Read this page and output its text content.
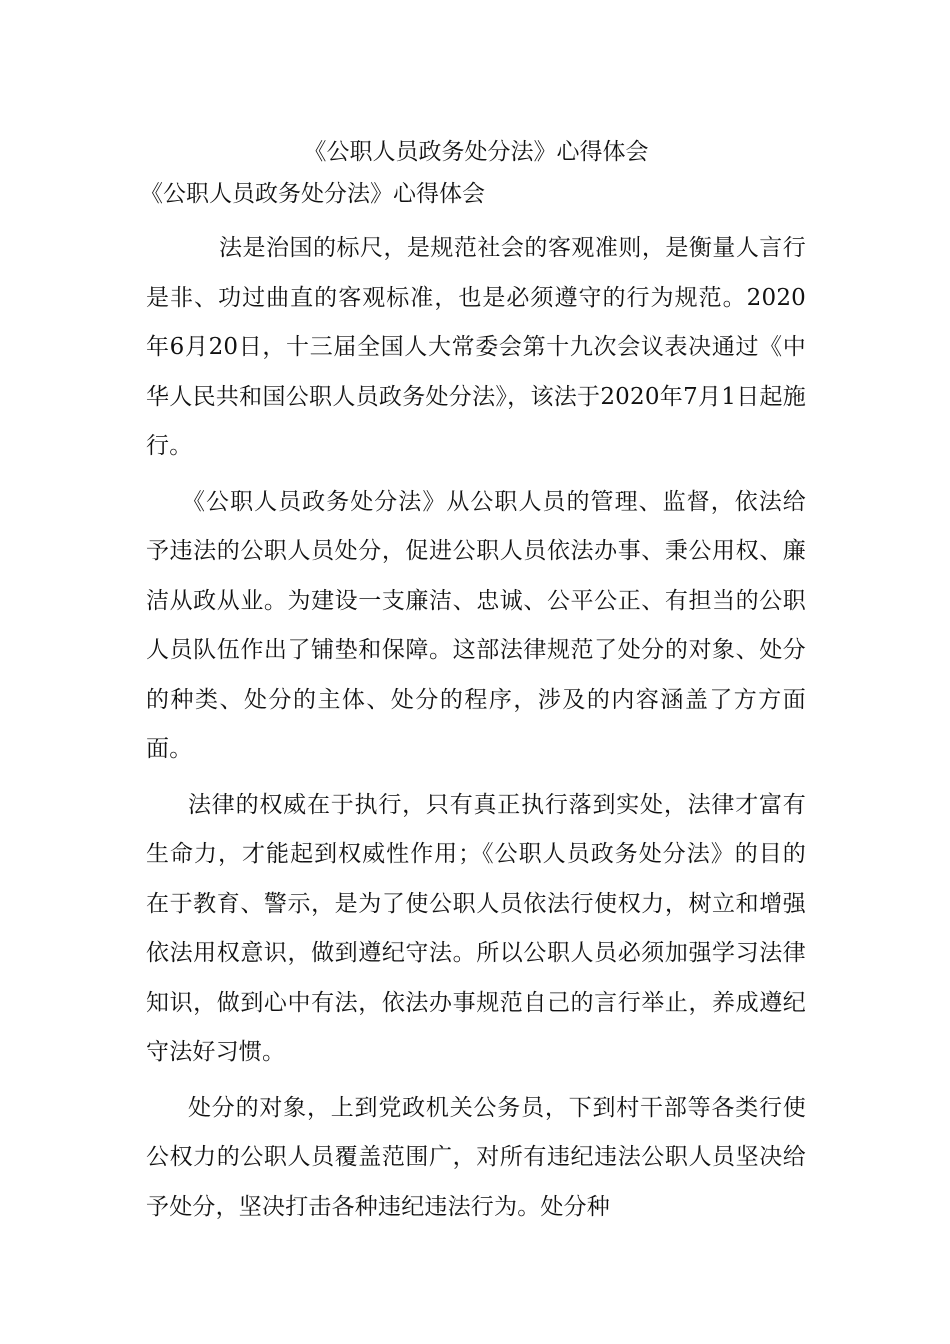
《公职人员政务处分法》心得体会
《公职人员政务处分法》心得体会

法是治国的标尺，是规范社会的客观准则，是衡量人言行是非、功过曲直的客观标准，也是必须遵守的行为规范。2020年6月20日，十三届全国人大常委会第十九次会议表决通过《中华人民共和国公职人员政务处分法》，该法于2020年7月1日起施行。

《公职人员政务处分法》从公职人员的管理、监督，依法给予违法的公职人员处分，促进公职人员依法办事、秉公用权、廉洁从政从业。为建设一支廉洁、忠诚、公平公正、有担当的公职人员队伍作出了铺垫和保障。这部法律规范了处分的对象、处分的种类、处分的主体、处分的程序，涉及的内容涵盖了方方面面。

法律的权威在于执行，只有真正执行落到实处，法律才富有生命力，才能起到权威性作用；《公职人员政务处分法》的目的在于教育、警示，是为了使公职人员依法行使权力，树立和增强依法用权意识，做到遵纪守法。所以公职人员必须加强学习法律知识，做到心中有法，依法办事规范自己的言行举止，养成遵纪守法好习惯。

处分的对象，上到党政机关公务员，下到村干部等各类行使公权力的公职人员覆盖范围广，对所有违纪违法公职人员坚决给予处分，坚决打击各种违纪违法行为。处分种
